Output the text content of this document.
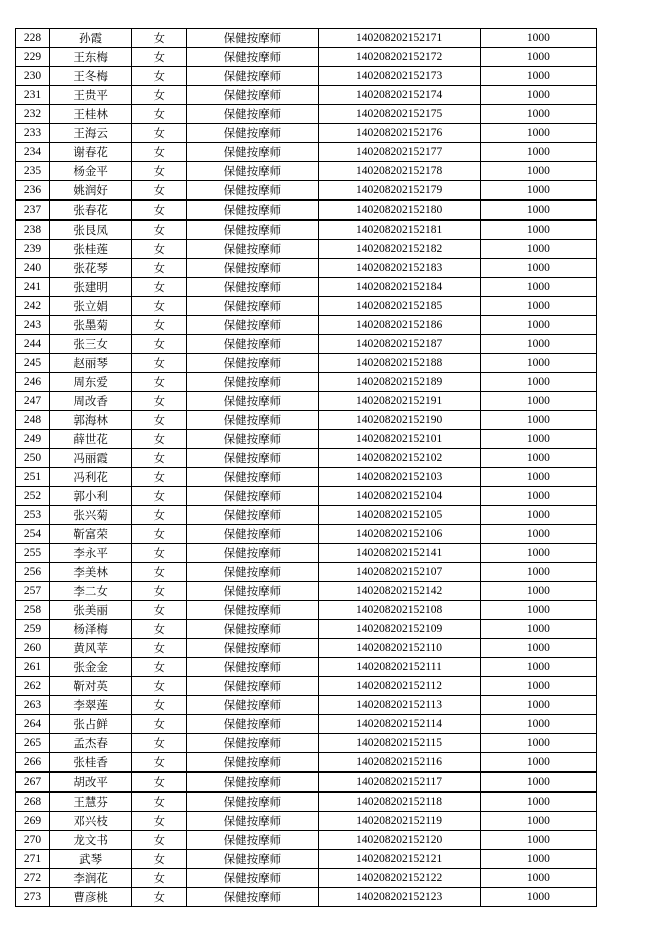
228	孙霞	女	保健按摩师	140208202152171	1000
229	王东梅	女	保健按摩师	140208202152172	1000
230	王冬梅	女	保健按摩师	140208202152173	1000
231	王贵平	女	保健按摩师	140208202152174	1000
232	王桂林	女	保健按摩师	140208202152175	1000
233	王海云	女	保健按摩师	140208202152176	1000
234	谢春花	女	保健按摩师	140208202152177	1000
235	杨金平	女	保健按摩师	140208202152178	1000
236	姚润好	女	保健按摩师	140208202152179	1000
237	张春花	女	保健按摩师	140208202152180	1000
238	张艮凤	女	保健按摩师	140208202152181	1000
239	张桂莲	女	保健按摩师	140208202152182	1000
240	张花琴	女	保健按摩师	140208202152183	1000
241	张建明	女	保健按摩师	140208202152184	1000
242	张立娟	女	保健按摩师	140208202152185	1000
243	张墨菊	女	保健按摩师	140208202152186	1000
244	张三女	女	保健按摩师	140208202152187	1000
245	赵丽琴	女	保健按摩师	140208202152188	1000
246	周东爱	女	保健按摩师	140208202152189	1000
247	周改香	女	保健按摩师	140208202152191	1000
248	郭海林	女	保健按摩师	140208202152190	1000
249	薛世花	女	保健按摩师	140208202152101	1000
250	冯丽霞	女	保健按摩师	140208202152102	1000
251	冯利花	女	保健按摩师	140208202152103	1000
252	郭小利	女	保健按摩师	140208202152104	1000
253	张兴菊	女	保健按摩师	140208202152105	1000
254	靳富荣	女	保健按摩师	140208202152106	1000
255	李永平	女	保健按摩师	140208202152141	1000
256	李美林	女	保健按摩师	140208202152107	1000
257	李二女	女	保健按摩师	140208202152142	1000
258	张美丽	女	保健按摩师	140208202152108	1000
259	杨泽梅	女	保健按摩师	140208202152109	1000
260	黄风苹	女	保健按摩师	140208202152110	1000
261	张金金	女	保健按摩师	140208202152111	1000
262	靳对英	女	保健按摩师	140208202152112	1000
263	李翠莲	女	保健按摩师	140208202152113	1000
264	张占鲜	女	保健按摩师	140208202152114	1000
265	孟杰春	女	保健按摩师	140208202152115	1000
266	张桂香	女	保健按摩师	140208202152116	1000
267	胡改平	女	保健按摩师	140208202152117	1000
268	王慧芬	女	保健按摩师	140208202152118	1000
269	邓兴枝	女	保健按摩师	140208202152119	1000
270	龙文书	女	保健按摩师	140208202152120	1000
271	武琴	女	保健按摩师	140208202152121	1000
272	李润花	女	保健按摩师	140208202152122	1000
273	曹彦桃	女	保健按摩师	140208202152123	1000
